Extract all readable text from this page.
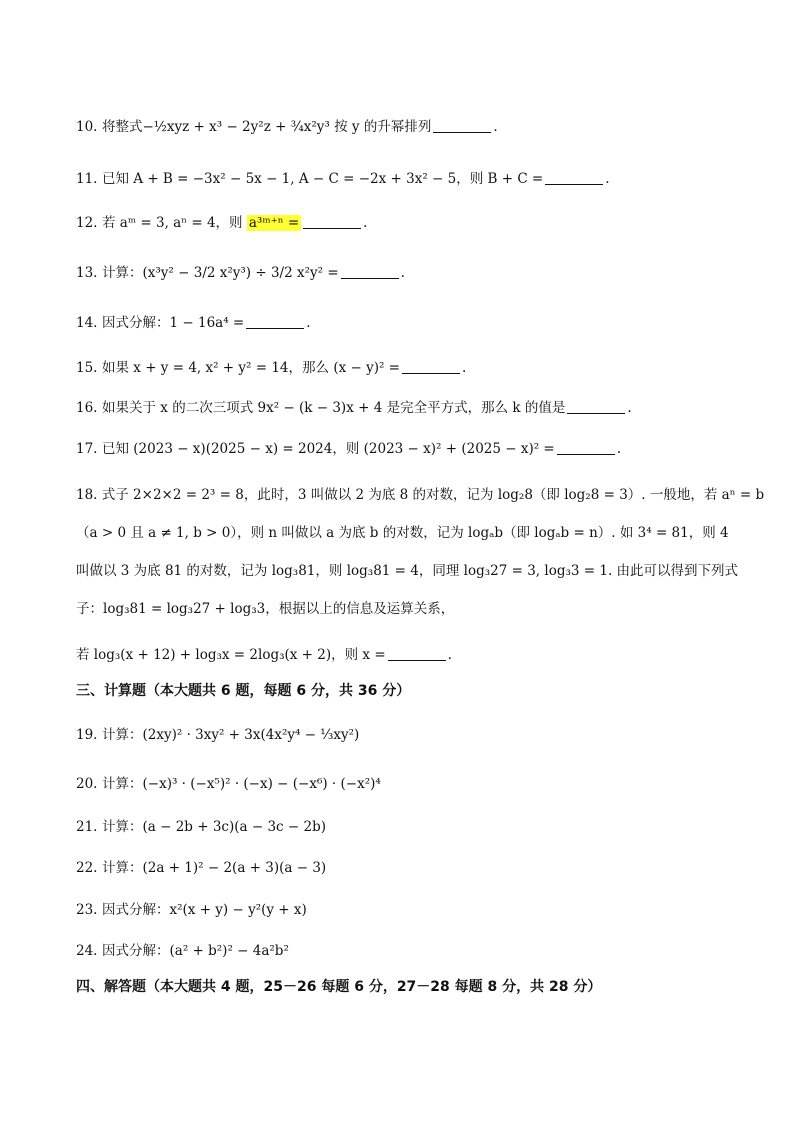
10. 将整式−½xyz + x³ − 2y²z + ¾x²y³ 按 y 的升幂排列	.
11. 已知 A + B = −3x² − 5x − 1, A − C = −2x + 3x² − 5，则 B + C =	.
12. 若 aᵐ = 3, aⁿ = 4，则 a³ᵐ⁺ⁿ =	.
13. 计算：(x³y² − 3/2 x²y³) ÷ 3/2 x²y² =	.
14. 因式分解：1 − 16a⁴ =	.
15. 如果 x + y = 4, x² + y² = 14，那么 (x − y)² =	.
16. 如果关于 x 的二次三项式 9x² − (k − 3)x + 4 是完全平方式，那么 k 的值是	.
17. 已知 (2023 − x)(2025 − x) = 2024，则 (2023 − x)² + (2025 − x)² =	.
18. 式子 2×2×2 = 2³ = 8，此时，3 叫做以 2 为底 8 的对数，记为 log₂8（即 log₂8 = 3）. 一般地，若 aⁿ = b
（a > 0 且 a ≠ 1, b > 0），则 n 叫做以 a 为底 b 的对数，记为 logₐb（即 logₐb = n）. 如 3⁴ = 81，则 4
叫做以 3 为底 81 的对数，记为 log₃81，则 log₃81 = 4，同理 log₃27 = 3, log₃3 = 1. 由此可以得到下列式
子：log₃81 = log₃27 + log₃3，根据以上的信息及运算关系，
若 log₃(x + 12) + log₃x = 2log₃(x + 2)，则 x =	.
三、计算题（本大题共 6 题，每题 6 分，共 36 分）
19. 计算：(2xy)² · 3xy² + 3x(4x²y⁴ − ⅓xy²)
20. 计算：(−x)³ · (−x⁵)² · (−x) − (−x⁶) · (−x²)⁴
21. 计算：(a − 2b + 3c)(a − 3c − 2b)
22. 计算：(2a + 1)² − 2(a + 3)(a − 3)
23. 因式分解：x²(x + y) − y²(y + x)
24. 因式分解：(a² + b²)² − 4a²b²
四、解答题（本大题共 4 题，25－26 每题 6 分，27－28 每题 8 分，共 28 分）
